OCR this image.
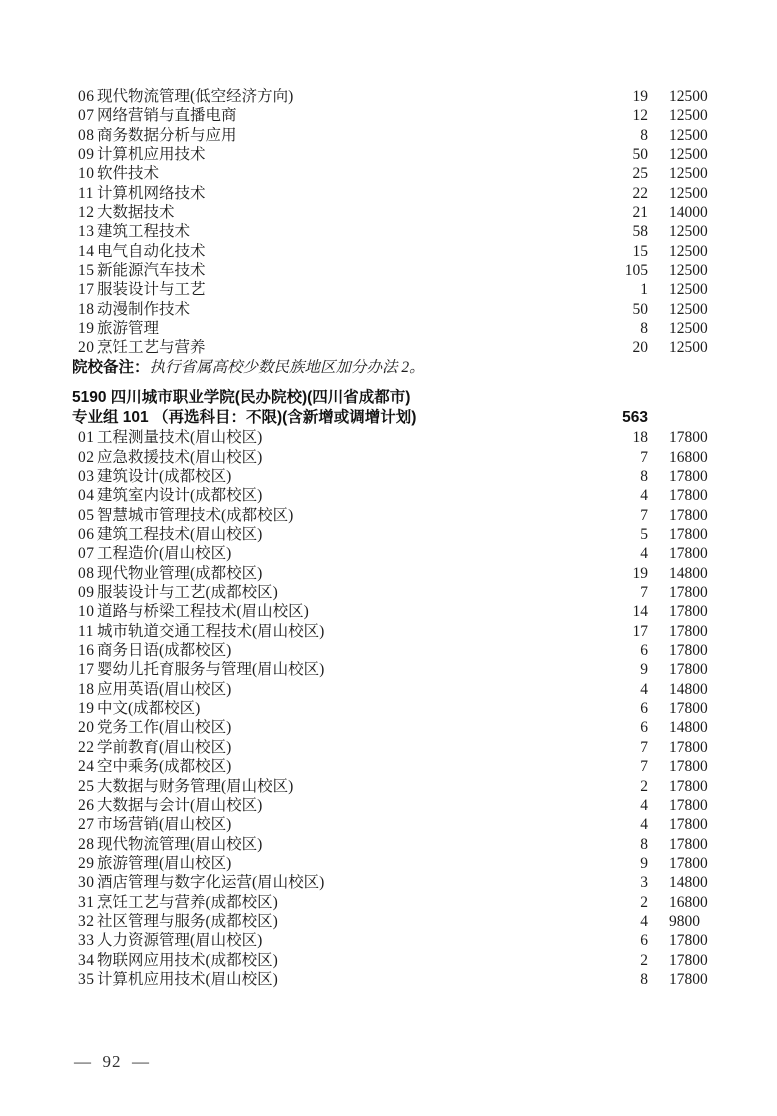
06 现代物流管理(低空经济方向)	19	12500
07 网络营销与直播电商	12	12500
08 商务数据分析与应用	8	12500
09 计算机应用技术	50	12500
10 软件技术	25	12500
11 计算机网络技术	22	12500
12 大数据技术	21	14000
13 建筑工程技术	58	12500
14 电气自动化技术	15	12500
15 新能源汽车技术	105	12500
17 服装设计与工艺	1	12500
18 动漫制作技术	50	12500
19 旅游管理	8	12500
20 烹饪工艺与营养	20	12500
院校备注：执行省属高校少数民族地区加分办法 2。
5190 四川城市职业学院(民办院校)(四川省成都市)
专业组 101 （再选科目：不限)(含新增或调增计划)	563
01 工程测量技术(眉山校区)	18	17800
02 应急救援技术(眉山校区)	7	16800
03 建筑设计(成都校区)	8	17800
04 建筑室内设计(成都校区)	4	17800
05 智慧城市管理技术(成都校区)	7	17800
06 建筑工程技术(眉山校区)	5	17800
07 工程造价(眉山校区)	4	17800
08 现代物业管理(成都校区)	19	14800
09 服装设计与工艺(成都校区)	7	17800
10 道路与桥梁工程技术(眉山校区)	14	17800
11 城市轨道交通工程技术(眉山校区)	17	17800
16 商务日语(成都校区)	6	17800
17 婴幼儿托育服务与管理(眉山校区)	9	17800
18 应用英语(眉山校区)	4	14800
19 中文(成都校区)	6	17800
20 党务工作(眉山校区)	6	14800
22 学前教育(眉山校区)	7	17800
24 空中乘务(成都校区)	7	17800
25 大数据与财务管理(眉山校区)	2	17800
26 大数据与会计(眉山校区)	4	17800
27 市场营销(眉山校区)	4	17800
28 现代物流管理(眉山校区)	8	17800
29 旅游管理(眉山校区)	9	17800
30 酒店管理与数字化运营(眉山校区)	3	14800
31 烹饪工艺与营养(成都校区)	2	16800
32 社区管理与服务(成都校区)	4	9800
33 人力资源管理(眉山校区)	6	17800
34 物联网应用技术(成都校区)	2	17800
35 计算机应用技术(眉山校区)	8	17800
—  92  —
